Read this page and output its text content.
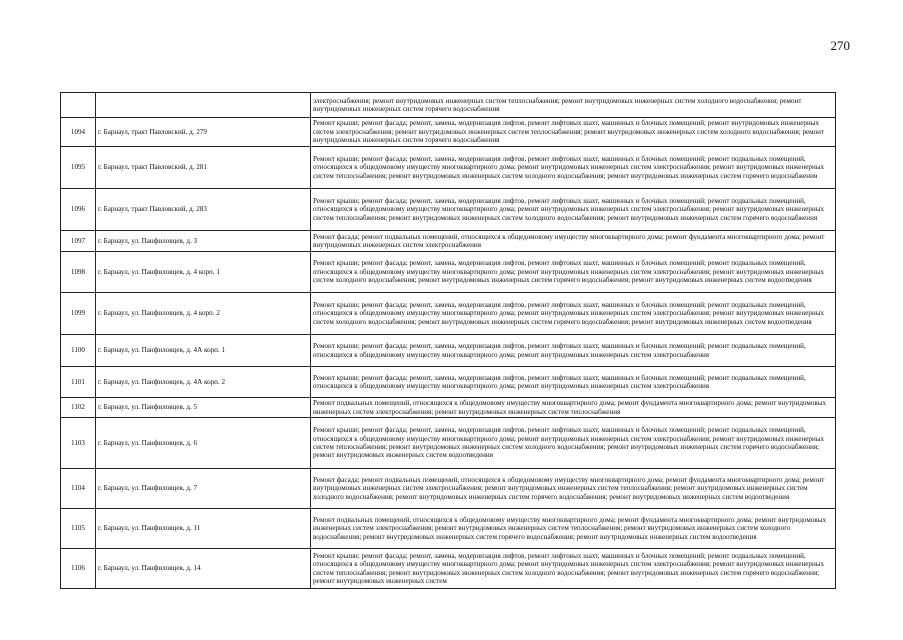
270
		электроснабжения; ремонт внутридомовых инженерных систем теплоснабжения; ремонт внутридомовых инженерных систем холодного водоснабжения; ремонт внутридомовых инженерных систем горячего водоснабжения
1094	г. Барнаул, тракт Павловский, д. 279	Ремонт крыши; ремонт фасада; ремонт, замена, модернизация лифтов, ремонт лифтовых шахт, машинных и блочных помещений; ремонт внутридомовых инженерных систем электроснабжения; ремонт внутридомовых инженерных систем теплоснабжения; ремонт внутридомовых инженерных систем холодного водоснабжения; ремонт внутридомовых инженерных систем горячего водоснабжения
1095	г. Барнаул, тракт Павловский, д. 281	Ремонт крыши; ремонт фасада; ремонт, замена, модернизация лифтов, ремонт лифтовых шахт, машинных и блочных помещений; ремонт подвальных помещений, относящихся к общедомовому имуществу многоквартирного дома; ремонт внутридомовых инженерных систем электроснабжения; ремонт внутридомовых инженерных систем теплоснабжения; ремонт внутридомовых инженерных систем холодного водоснабжения; ремонт внутридомовых инженерных систем горячего водоснабжения
1096	г. Барнаул, тракт Павловский, д. 283	Ремонт крыши; ремонт фасада; ремонт, замена, модернизация лифтов, ремонт лифтовых шахт, машинных и блочных помещений; ремонт подвальных помещений, относящихся к общедомовому имуществу многоквартирного дома; ремонт внутридомовых инженерных систем электроснабжения; ремонт внутридомовых инженерных систем теплоснабжения; ремонт внутридомовых инженерных систем холодного водоснабжения; ремонт внутридомовых инженерных систем горячего водоснабжения
1097	г. Барнаул, ул. Панфиловцев, д. 3	Ремонт фасада; ремонт подвальных помещений, относящихся к общедомовому имуществу многоквартирного дома; ремонт фундамента многоквартирного дома; ремонт внутридомовых инженерных систем электроснабжения
1098	г. Барнаул, ул. Панфиловцев, д. 4 корп. 1	Ремонт крыши; ремонт фасада; ремонт, замена, модернизация лифтов, ремонт лифтовых шахт, машинных и блочных помещений; ремонт подвальных помещений, относящихся к общедомовому имуществу многоквартирного дома; ремонт внутридомовых инженерных систем электроснабжения; ремонт внутридомовых инженерных систем холодного водоснабжения; ремонт внутридомовых инженерных систем горячего водоснабжения; ремонт внутридомовых инженерных систем водоотведения
1099	г. Барнаул, ул. Панфиловцев, д. 4 корп. 2	Ремонт крыши; ремонт фасада; ремонт, замена, модернизация лифтов, ремонт лифтовых шахт, машинных и блочных помещений; ремонт подвальных помещений, относящихся к общедомовому имуществу многоквартирного дома; ремонт внутридомовых инженерных систем электроснабжения; ремонт внутридомовых инженерных систем холодного водоснабжения; ремонт внутридомовых инженерных систем горячего водоснабжения; ремонт внутридомовых инженерных систем водоотведения
1100	г. Барнаул, ул. Панфиловцев, д. 4А корп. 1	Ремонт крыши; ремонт фасада; ремонт, замена, модернизация лифтов, ремонт лифтовых шахт, машинных и блочных помещений; ремонт подвальных помещений, относящихся к общедомовому имуществу многоквартирного дома; ремонт внутридомовых инженерных систем электроснабжения
1101	г. Барнаул, ул. Панфиловцев, д. 4А корп. 2	Ремонт крыши; ремонт фасада; ремонт, замена, модернизация лифтов, ремонт лифтовых шахт, машинных и блочных помещений; ремонт подвальных помещений, относящихся к общедомовому имуществу многоквартирного дома; ремонт внутридомовых инженерных систем электроснабжения
1102	г. Барнаул, ул. Панфиловцев, д. 5	Ремонт подвальных помещений, относящихся к общедомовому имуществу многоквартирного дома; ремонт фундамента многоквартирного дома; ремонт внутридомовых инженерных систем электроснабжения; ремонт внутридомовых инженерных систем теплоснабжения
1103	г. Барнаул, ул. Панфиловцев, д. 6	Ремонт крыши; ремонт фасада; ремонт, замена, модернизация лифтов, ремонт лифтовых шахт, машинных и блочных помещений; ремонт подвальных помещений, относящихся к общедомовому имуществу многоквартирного дома; ремонт внутридомовых инженерных систем электроснабжения; ремонт внутридомовых инженерных систем теплоснабжения; ремонт внутридомовых инженерных систем холодного водоснабжения; ремонт внутридомовых инженерных систем горячего водоснабжения; ремонт внутридомовых инженерных систем водоотведения
1104	г. Барнаул, ул. Панфиловцев, д. 7	Ремонт фасада; ремонт подвальных помещений, относящихся к общедомовому имуществу многоквартирного дома; ремонт фундамента многоквартирного дома; ремонт внутридомовых инженерных систем электроснабжения; ремонт внутридомовых инженерных систем теплоснабжения; ремонт внутридомовых инженерных систем холодного водоснабжения; ремонт внутридомовых инженерных систем горячего водоснабжения; ремонт внутридомовых инженерных систем водоотведения
1105	г. Барнаул, ул. Панфиловцев, д. 11	Ремонт подвальных помещений, относящихся к общедомовому имуществу многоквартирного дома; ремонт фундамента многоквартирного дома; ремонт внутридомовых инженерных систем электроснабжения; ремонт внутридомовых инженерных систем теплоснабжения; ремонт внутридомовых инженерных систем холодного водоснабжения; ремонт внутридомовых инженерных систем горячего водоснабжения; ремонт внутридомовых инженерных систем водоотведения
1106	г. Барнаул, ул. Панфиловцев, д. 14	Ремонт крыши; ремонт фасада; ремонт, замена, модернизация лифтов, ремонт лифтовых шахт, машинных и блочных помещений; ремонт подвальных помещений, относящихся к общедомовому имуществу многоквартирного дома; ремонт внутридомовых инженерных систем электроснабжения; ремонт внутридомовых инженерных систем теплоснабжения; ремонт внутридомовых инженерных систем холодного водоснабжения; ремонт внутридомовых инженерных систем горячего водоснабжения; ремонт внутридомовых инженерных систем
